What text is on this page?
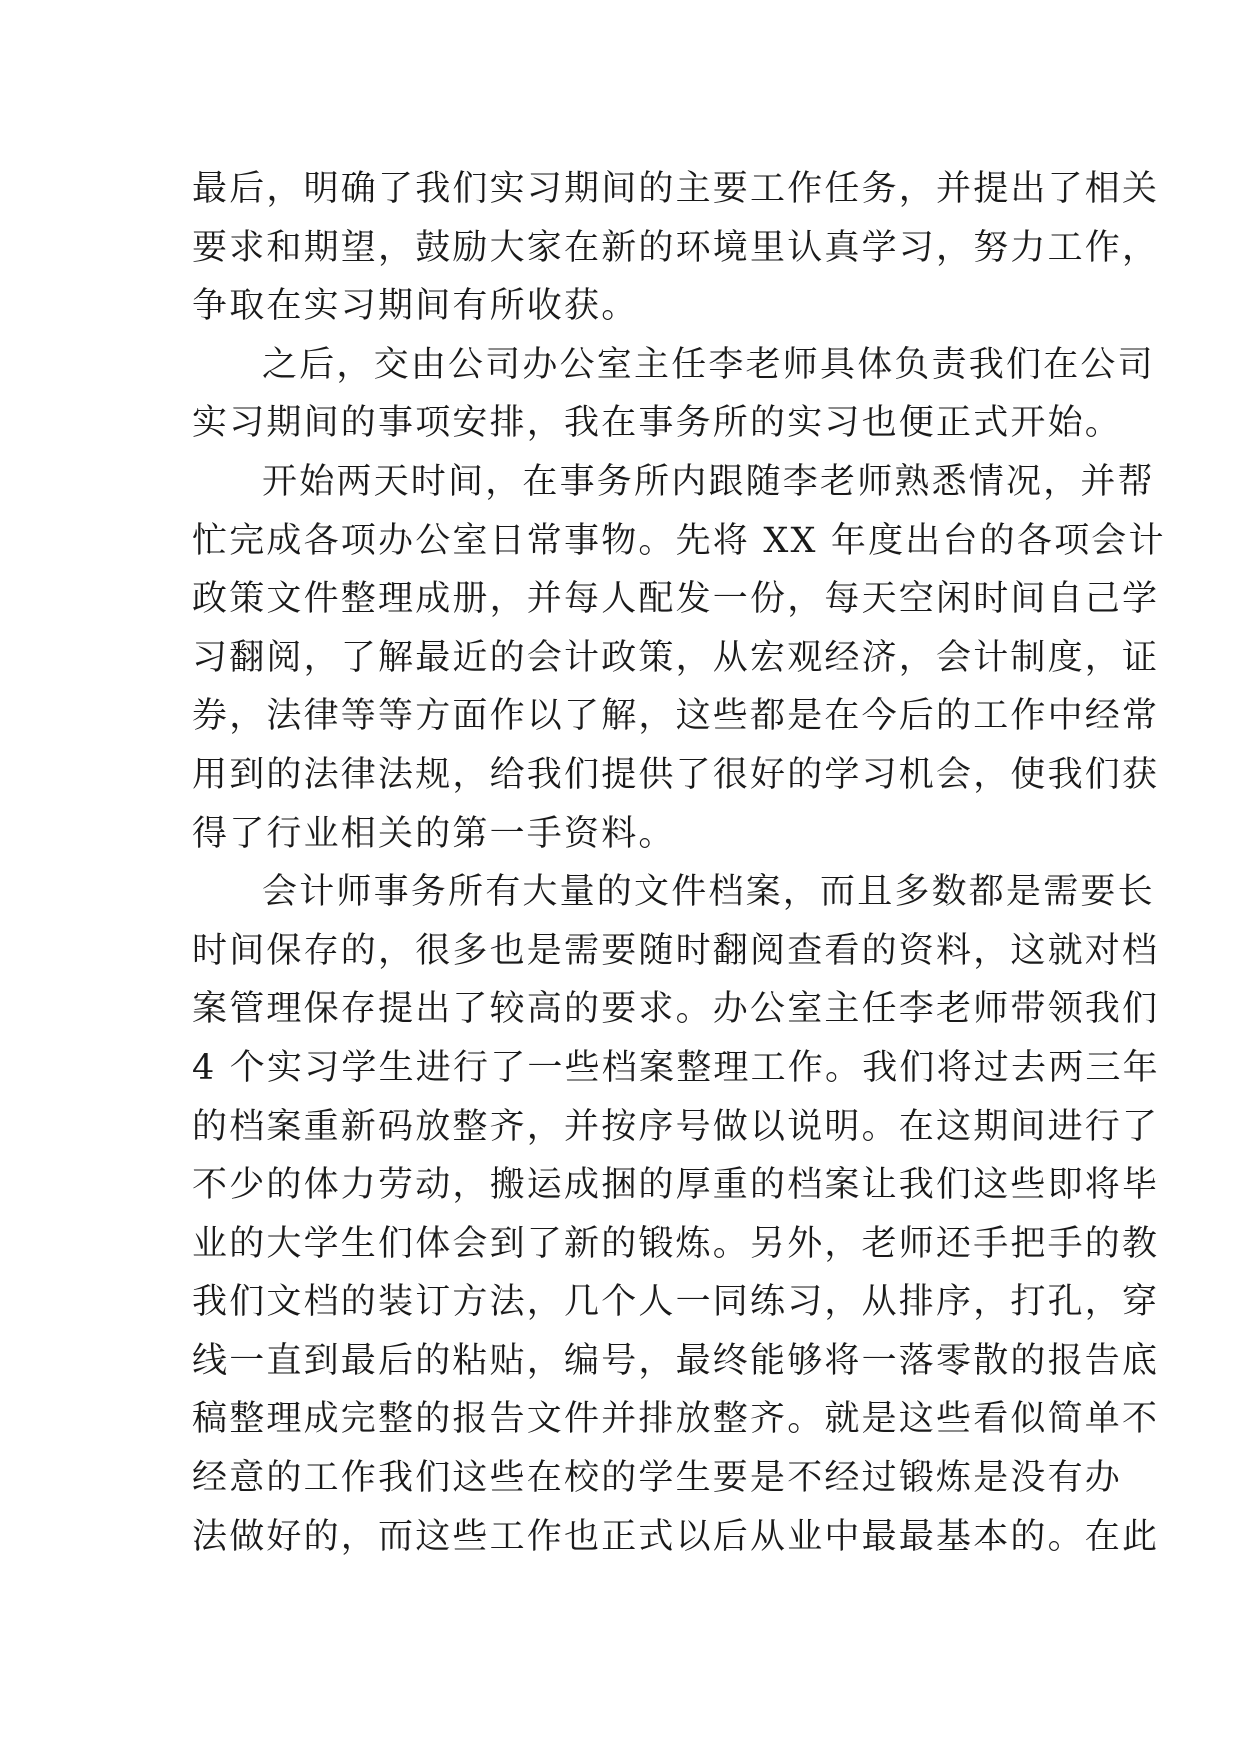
最后，明确了我们实习期间的主要工作任务，并提出了相关
要求和期望，鼓励大家在新的环境里认真学习，努力工作，
争取在实习期间有所收获。
之后，交由公司办公室主任李老师具体负责我们在公司
实习期间的事项安排，我在事务所的实习也便正式开始。
开始两天时间，在事务所内跟随李老师熟悉情况，并帮
忙完成各项办公室日常事物。先将 XX 年度出台的各项会计
政策文件整理成册，并每人配发一份，每天空闲时间自己学
习翻阅，了解最近的会计政策，从宏观经济，会计制度，证
券，法律等等方面作以了解，这些都是在今后的工作中经常
用到的法律法规，给我们提供了很好的学习机会，使我们获
得了行业相关的第一手资料。
会计师事务所有大量的文件档案，而且多数都是需要长
时间保存的，很多也是需要随时翻阅查看的资料，这就对档
案管理保存提出了较高的要求。办公室主任李老师带领我们
4 个实习学生进行了一些档案整理工作。我们将过去两三年
的档案重新码放整齐，并按序号做以说明。在这期间进行了
不少的体力劳动，搬运成捆的厚重的档案让我们这些即将毕
业的大学生们体会到了新的锻炼。另外，老师还手把手的教
我们文档的装订方法，几个人一同练习，从排序，打孔，穿
线一直到最后的粘贴，编号，最终能够将一落零散的报告底
稿整理成完整的报告文件并排放整齐。就是这些看似简单不
经意的工作我们这些在校的学生要是不经过锻炼是没有办
法做好的，而这些工作也正式以后从业中最最基本的。在此
